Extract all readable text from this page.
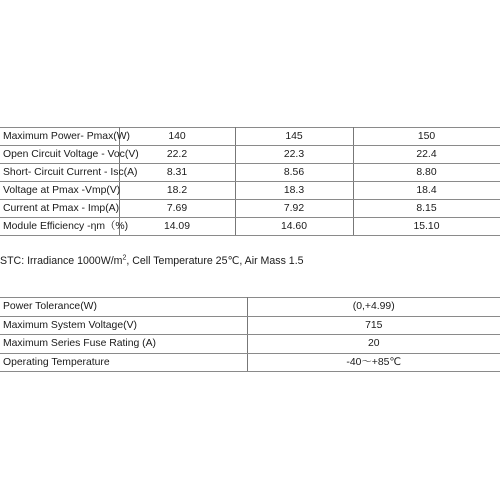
Maximum Power- Pmax(W)	140	145	150	
Open Circuit Voltage - Voc(V)	22.2	22.3	22.4	
Short- Circuit Current - Isc(A)	8.31	8.56	8.80	
Voltage at Pmax -Vmp(V)	18.2	18.3	18.4	
Current at Pmax - Imp(A)	7.69	7.92	8.15	
Module Efficiency -ηm（%)	14.09	14.60	15.10	
STC: Irradiance $1000W/m^2$, Cell Temperature 25℃, Air Mass 1.5
Power Tolerance(W)	(0,+4.99)
Maximum System Voltage(V)	715
Maximum Series Fuse Rating (A)	20
Operating Temperature	-40～+85℃
